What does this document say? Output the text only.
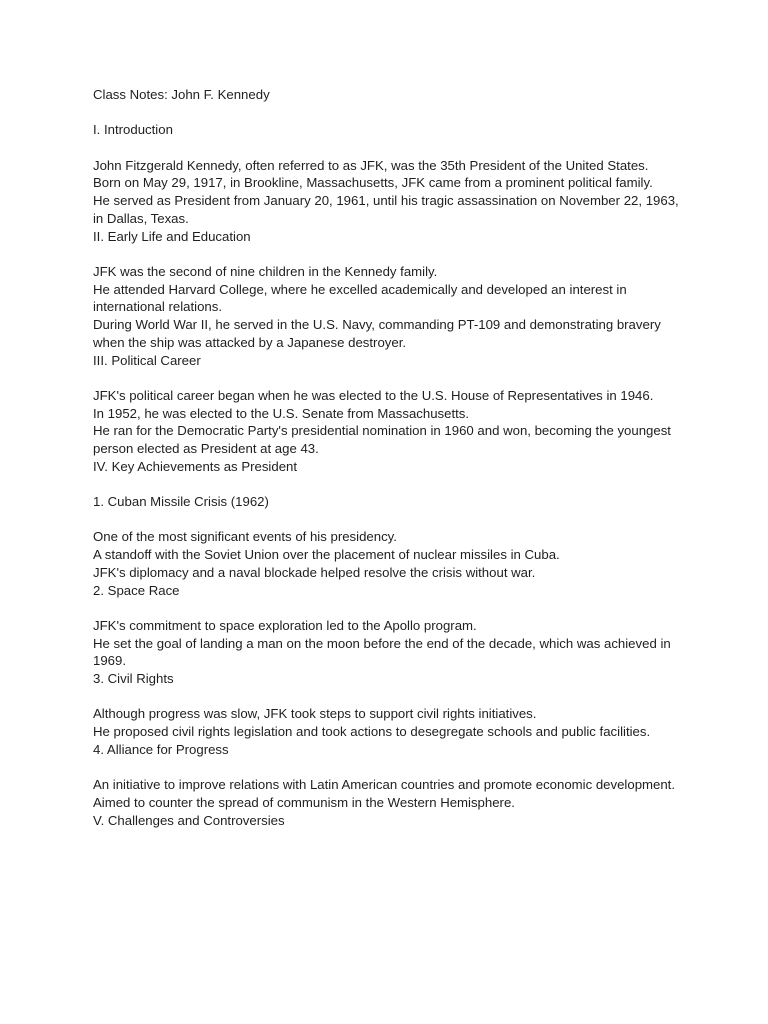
Class Notes: John F. Kennedy

I. Introduction

John Fitzgerald Kennedy, often referred to as JFK, was the 35th President of the United States.

Born on May 29, 1917, in Brookline, Massachusetts, JFK came from a prominent political family.

He served as President from January 20, 1961, until his tragic assassination on November 22, 1963, in Dallas, Texas.

II. Early Life and Education

JFK was the second of nine children in the Kennedy family.

He attended Harvard College, where he excelled academically and developed an interest in international relations.

During World War II, he served in the U.S. Navy, commanding PT-109 and demonstrating bravery when the ship was attacked by a Japanese destroyer.

III. Political Career

JFK's political career began when he was elected to the U.S. House of Representatives in 1946.

In 1952, he was elected to the U.S. Senate from Massachusetts.

He ran for the Democratic Party's presidential nomination in 1960 and won, becoming the youngest person elected as President at age 43.

IV. Key Achievements as President

1. Cuban Missile Crisis (1962)

One of the most significant events of his presidency.

A standoff with the Soviet Union over the placement of nuclear missiles in Cuba.

JFK's diplomacy and a naval blockade helped resolve the crisis without war.

2. Space Race

JFK's commitment to space exploration led to the Apollo program.

He set the goal of landing a man on the moon before the end of the decade, which was achieved in 1969.

3. Civil Rights

Although progress was slow, JFK took steps to support civil rights initiatives.

He proposed civil rights legislation and took actions to desegregate schools and public facilities.

4. Alliance for Progress

An initiative to improve relations with Latin American countries and promote economic development.

Aimed to counter the spread of communism in the Western Hemisphere.

V. Challenges and Controversies
